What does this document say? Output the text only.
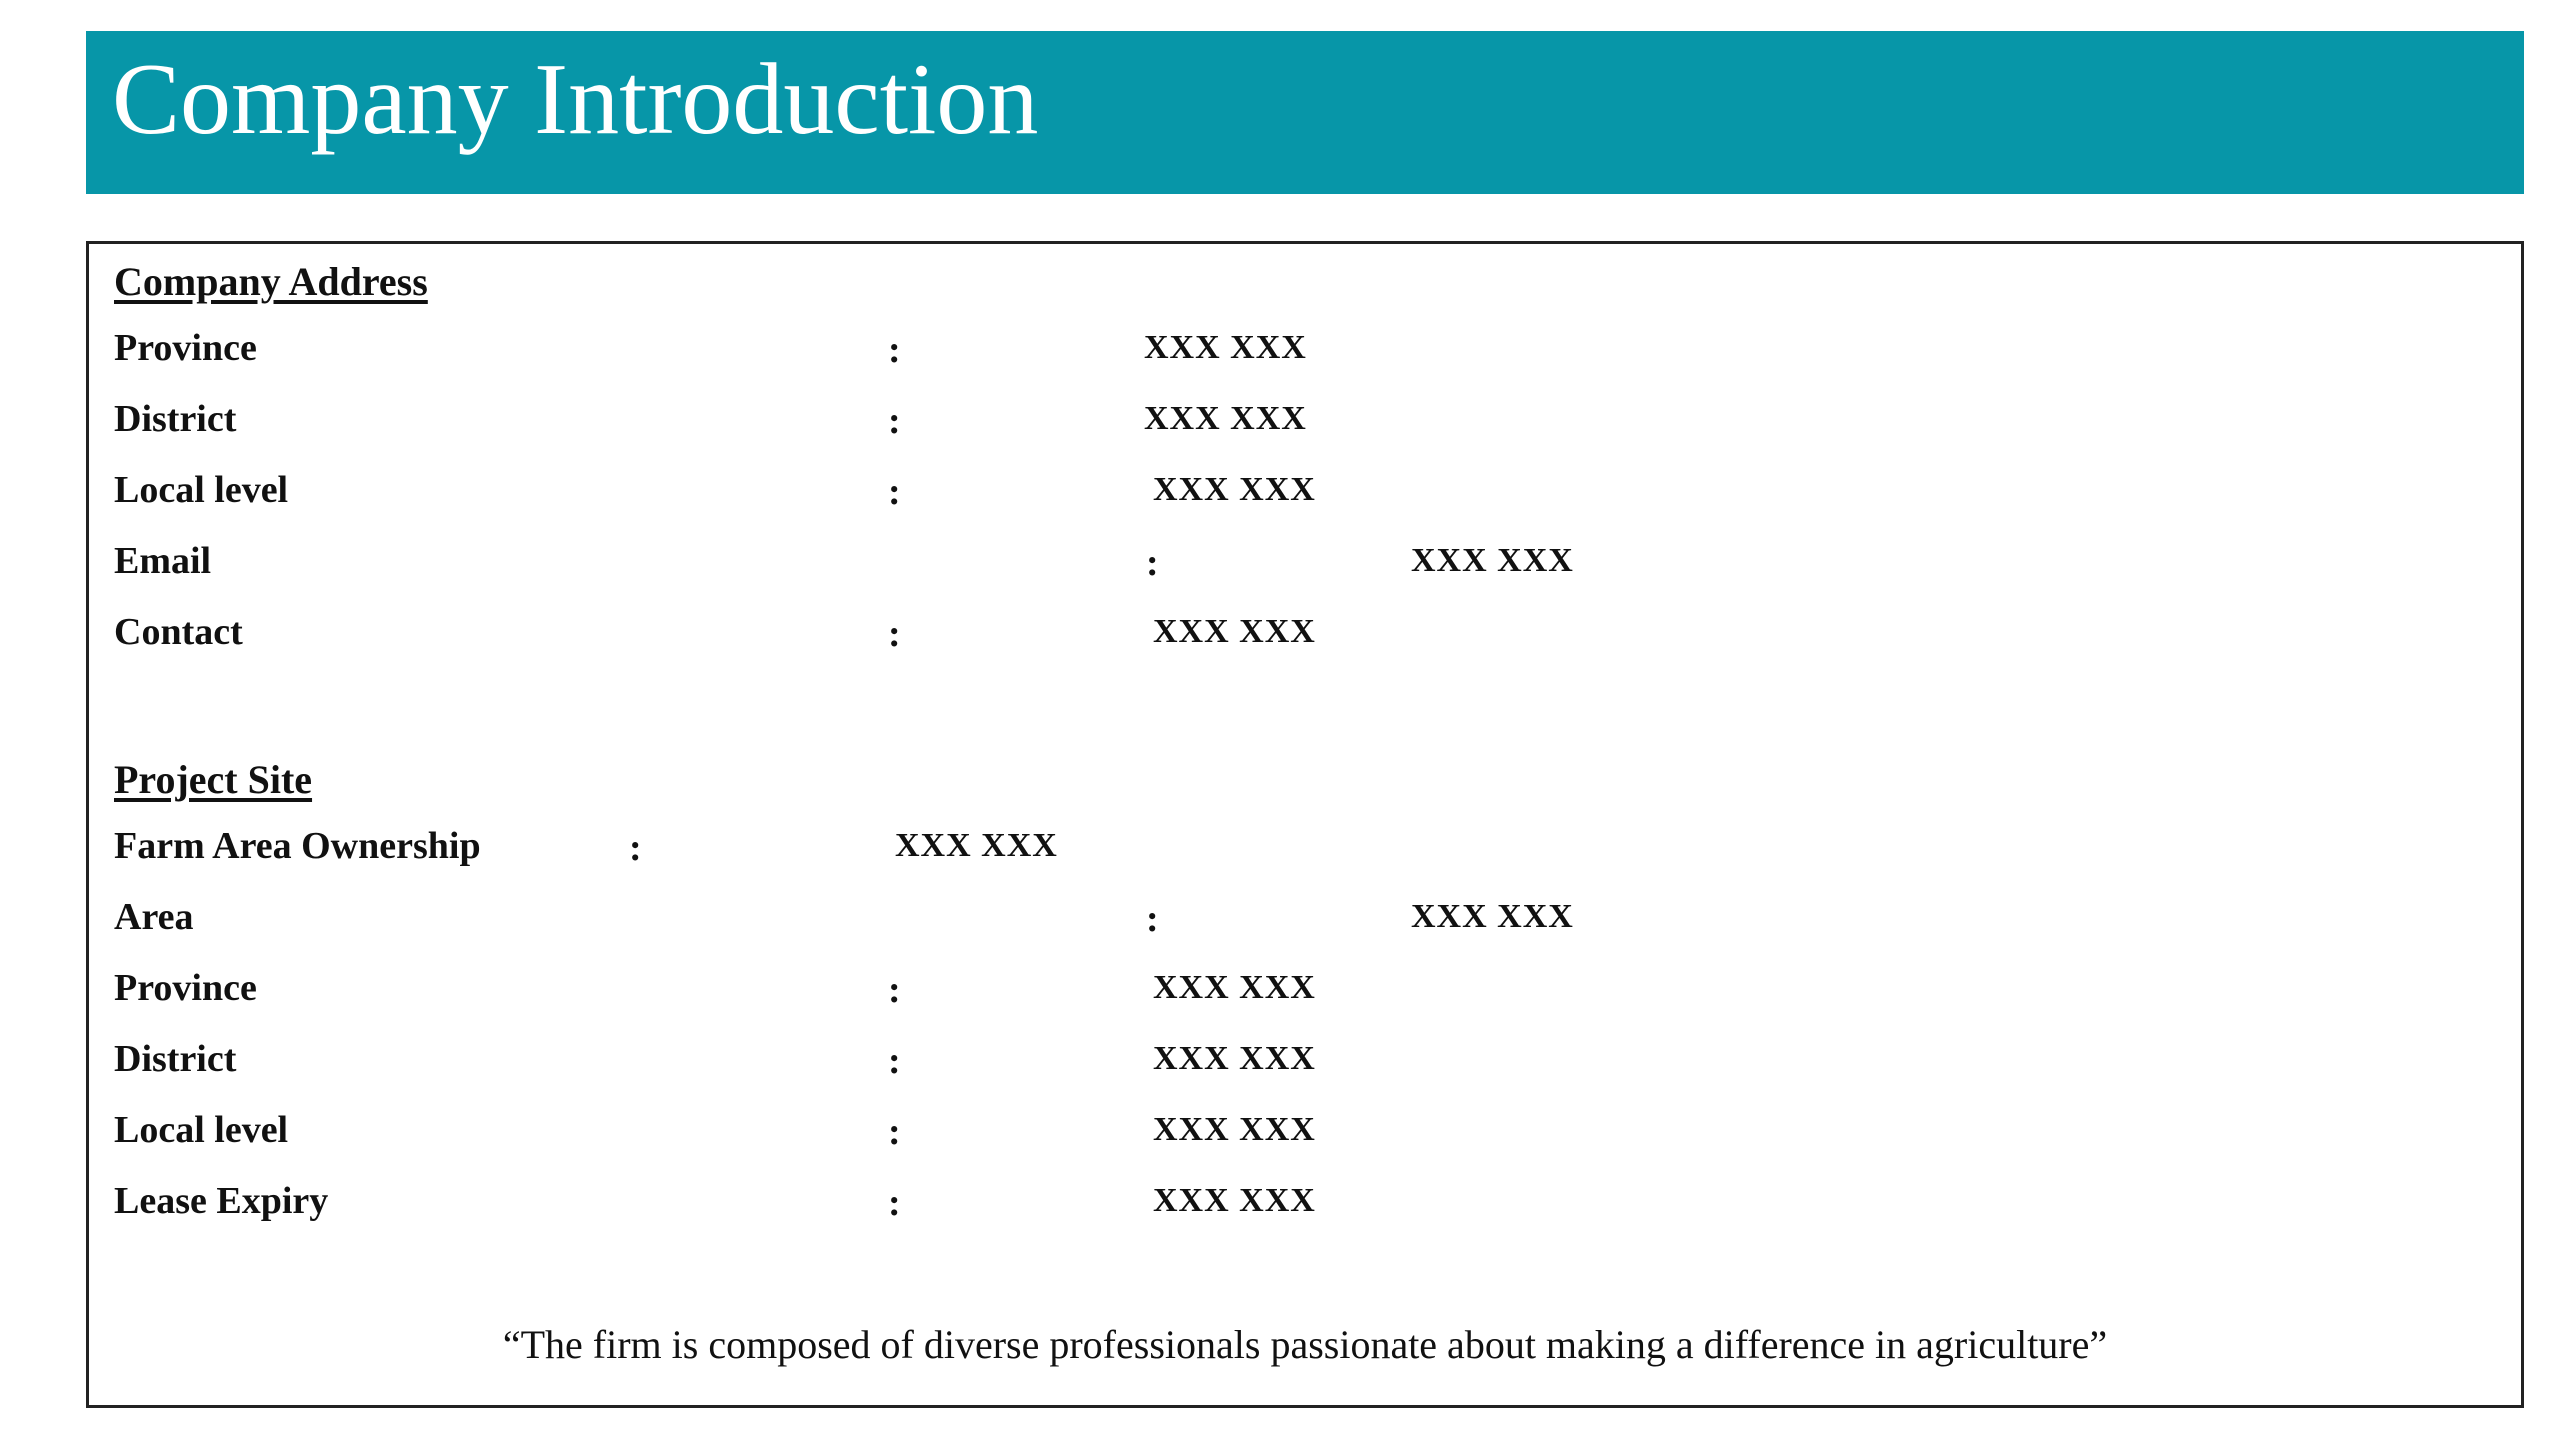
Company Introduction
Company Address
Province	:	XXX XXX
District	:	XXX XXX
Local level	:	XXX XXX
Email	:	XXX XXX
Contact	:	XXX XXX
Project Site
Farm Area Ownership	:	XXX XXX
Area	:	XXX XXX
Province	:	XXX XXX
District	:	XXX XXX
Local level	:	XXX XXX
Lease Expiry	:	XXX XXX
“The firm is composed of diverse professionals passionate about making a difference in agriculture”
